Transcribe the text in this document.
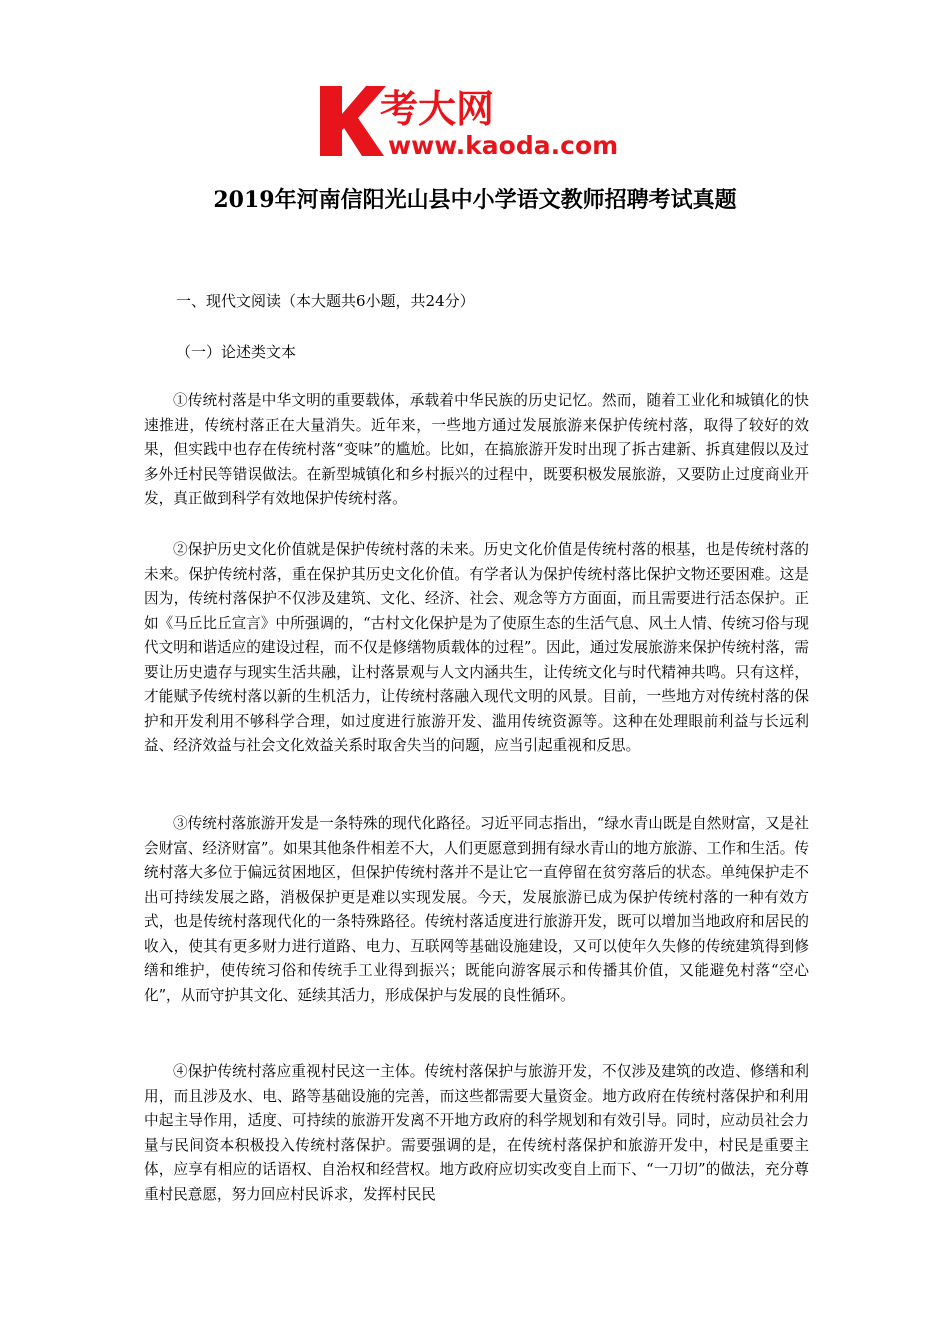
考大网
www.kaoda.com
2019年河南信阳光山县中小学语文教师招聘考试真题
一、现代文阅读（本大题共6小题，共24分）
（一）论述类文本

①传统村落是中华文明的重要载体，承载着中华民族的历史记忆。然而，随着工业化和城镇化的快速推进，传统村落正在大量消失。近年来，一些地方通过发展旅游来保护传统村落，取得了较好的效果，但实践中也存在传统村落“变味”的尴尬。比如，在搞旅游开发时出现了拆古建新、拆真建假以及过多外迁村民等错误做法。在新型城镇化和乡村振兴的过程中，既要积极发展旅游，又要防止过度商业开发，真正做到科学有效地保护传统村落。

②保护历史文化价值就是保护传统村落的未来。历史文化价值是传统村落的根基，也是传统村落的未来。保护传统村落，重在保护其历史文化价值。有学者认为保护传统村落比保护文物还要困难。这是因为，传统村落保护不仅涉及建筑、文化、经济、社会、观念等方方面面，而且需要进行活态保护。正如《马丘比丘宣言》中所强调的，“古村文化保护是为了使原生态的生活气息、风土人情、传统习俗与现代文明和谐适应的建设过程，而不仅是修缮物质载体的过程”。因此，通过发展旅游来保护传统村落，需要让历史遗存与现实生活共融，让村落景观与人文内涵共生，让传统文化与时代精神共鸣。只有这样，才能赋予传统村落以新的生机活力，让传统村落融入现代文明的风景。目前，一些地方对传统村落的保护和开发利用不够科学合理，如过度进行旅游开发、滥用传统资源等。这种在处理眼前利益与长远利益、经济效益与社会文化效益关系时取舍失当的问题，应当引起重视和反思。

③传统村落旅游开发是一条特殊的现代化路径。习近平同志指出，“绿水青山既是自然财富，又是社会财富、经济财富”。如果其他条件相差不大，人们更愿意到拥有绿水青山的地方旅游、工作和生活。传统村落大多位于偏远贫困地区，但保护传统村落并不是让它一直停留在贫穷落后的状态。单纯保护走不出可持续发展之路，消极保护更是难以实现发展。今天，发展旅游已成为保护传统村落的一种有效方式，也是传统村落现代化的一条特殊路径。传统村落适度进行旅游开发，既可以增加当地政府和居民的收入，使其有更多财力进行道路、电力、互联网等基础设施建设，又可以使年久失修的传统建筑得到修缮和维护，使传统习俗和传统手工业得到振兴；既能向游客展示和传播其价值，又能避免村落“空心化”，从而守护其文化、延续其活力，形成保护与发展的良性循环。

④保护传统村落应重视村民这一主体。传统村落保护与旅游开发，不仅涉及建筑的改造、修缮和利用，而且涉及水、电、路等基础设施的完善，而这些都需要大量资金。地方政府在传统村落保护和利用中起主导作用，适度、可持续的旅游开发离不开地方政府的科学规划和有效引导。同时，应动员社会力量与民间资本积极投入传统村落保护。需要强调的是，在传统村落保护和旅游开发中，村民是重要主体，应享有相应的话语权、自治权和经营权。地方政府应切实改变自上而下、“一刀切”的做法，充分尊重村民意愿，努力回应村民诉求，发挥村民民
